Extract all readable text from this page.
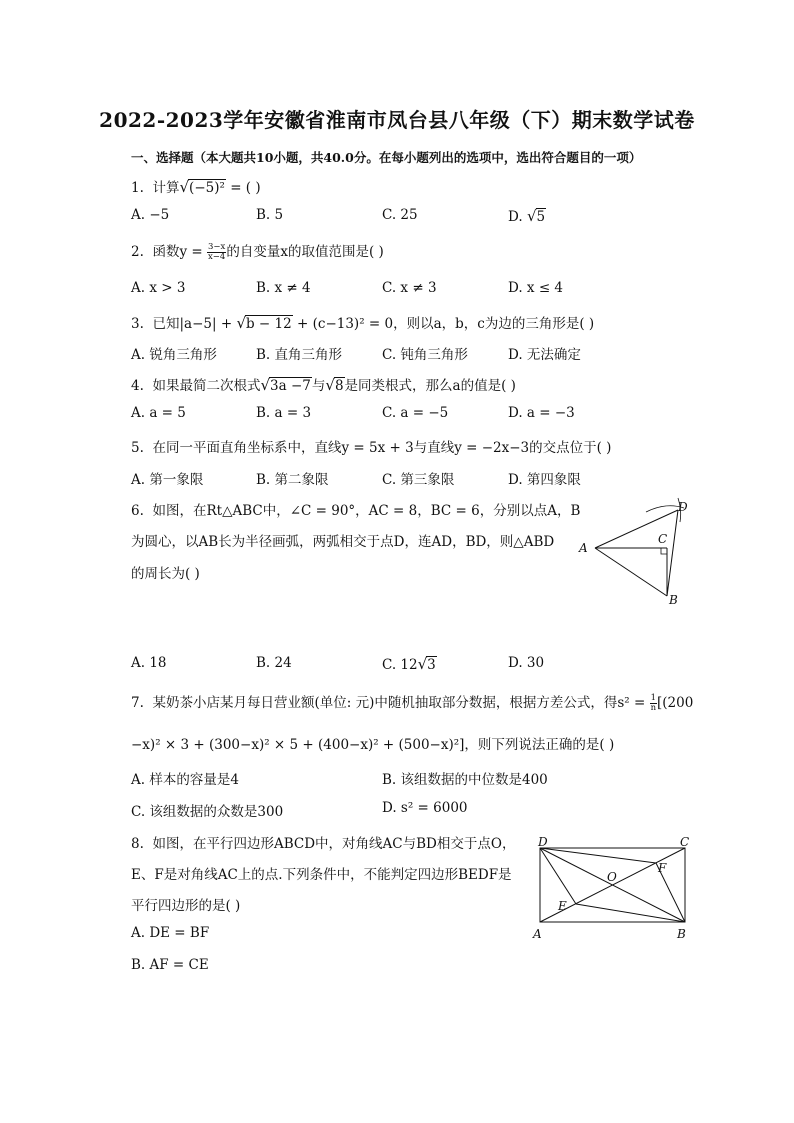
2022-2023学年安徽省淮南市凤台县八年级（下）期末数学试卷
一、选择题（本大题共10小题，共40.0分。在每小题列出的选项中，选出符合题目的一项）
1. 计算√(−5)² = ( )
A. −5	B. 5	C. 25	D. √5
2. 函数$y = \frac{3-x}{x-4}$ 的自变量x的取值范围是( )
A. x > 3	B. x ≠ 4	C. x ≠ 3	D. x ≤ 4
3. 已知|a−5| + √b − 12 + (c−13)² = 0，则以a，b，c为边的三角形是( )
A. 锐角三角形	B. 直角三角形	C. 钝角三角形	D. 无法确定
4. 如果最简二次根式√3a −7与√8是同类根式，那么a的值是( )
A. a = 5	B. a = 3	C. a = −5	D. a = −3
5. 在同一平面直角坐标系中，直线y = 5x + 3与直线y = −2x−3的交点位于( )
A. 第一象限	B. 第二象限	C. 第三象限	D. 第四象限
6. 如图，在Rt△ABC中，∠C = 90°，AC = 8，BC = 6，分别以点A，B
为圆心，以AB长为半径画弧，两弧相交于点D，连AD，BD，则△ABD
的周长为( )
A
B
C
D
A. 18	B. 24	C. 12√3	D. 30
7. 某奶茶小店某月每日营业额(单位: 元)中随机抽取部分数据，根据方差公式，得$s^2 = \frac{1}{n} [(200$
−x)² × 3 + (300−x)² × 5 + (400−x)² + (500−x)²]，则下列说法正确的是( )
A. 样本的容量是4	B. 该组数据的中位数是400
C. 该组数据的众数是300	D. s² = 6000
8. 如图，在平行四边形ABCD中，对角线AC与BD相交于点O，
E、F是对角线AC上的点.下列条件中，不能判定四边形BEDF是
平行四边形的是( )
A. DE = BF
B. AF = CE
D	C
A	B
E
F
O
